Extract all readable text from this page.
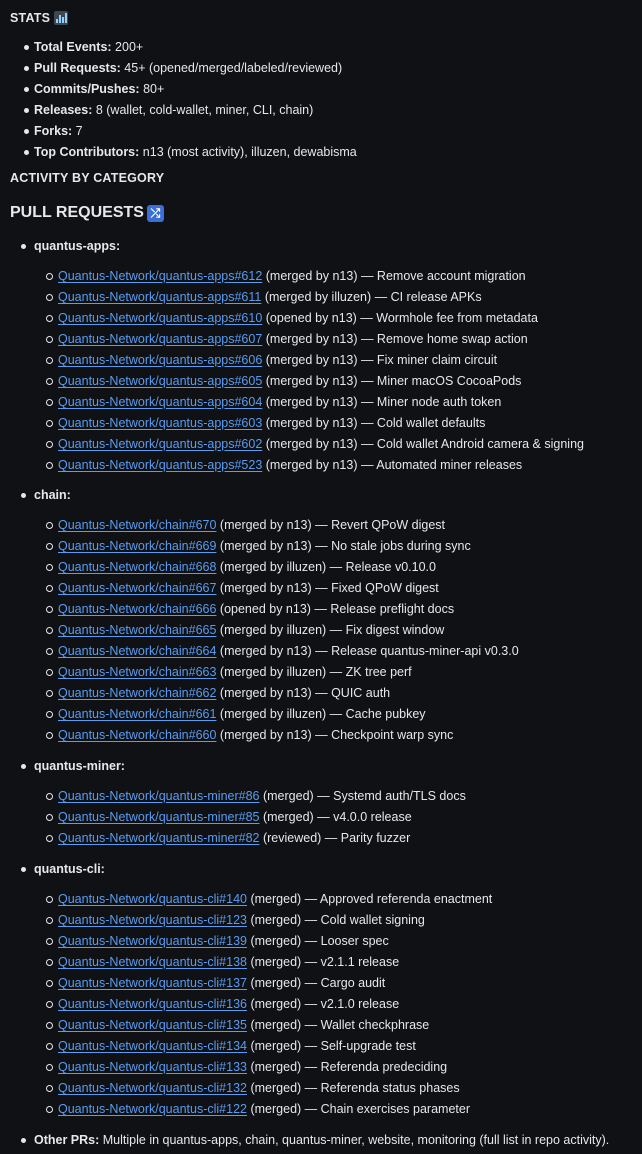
STATS
Total Events: 200+
Pull Requests: 45+ (opened/merged/labeled/reviewed)
Commits/Pushes: 80+
Releases: 8 (wallet, cold-wallet, miner, CLI, chain)
Forks: 7
Top Contributors: n13 (most activity), illuzen, dewabisma
ACTIVITY BY CATEGORY
PULL REQUESTS ⤮
quantus-apps:
Quantus-Network/quantus-apps#612 (merged by n13) — Remove account migration
Quantus-Network/quantus-apps#611 (merged by illuzen) — CI release APKs
Quantus-Network/quantus-apps#610 (opened by n13) — Wormhole fee from metadata
Quantus-Network/quantus-apps#607 (merged by n13) — Remove home swap action
Quantus-Network/quantus-apps#606 (merged by n13) — Fix miner claim circuit
Quantus-Network/quantus-apps#605 (merged by n13) — Miner macOS CocoaPods
Quantus-Network/quantus-apps#604 (merged by n13) — Miner node auth token
Quantus-Network/quantus-apps#603 (merged by n13) — Cold wallet defaults
Quantus-Network/quantus-apps#602 (merged by n13) — Cold wallet Android camera & signing
Quantus-Network/quantus-apps#523 (merged by n13) — Automated miner releases
chain:
Quantus-Network/chain#670 (merged by n13) — Revert QPoW digest
Quantus-Network/chain#669 (merged by n13) — No stale jobs during sync
Quantus-Network/chain#668 (merged by illuzen) — Release v0.10.0
Quantus-Network/chain#667 (merged by n13) — Fixed QPoW digest
Quantus-Network/chain#666 (opened by n13) — Release preflight docs
Quantus-Network/chain#665 (merged by illuzen) — Fix digest window
Quantus-Network/chain#664 (merged by n13) — Release quantus-miner-api v0.3.0
Quantus-Network/chain#663 (merged by illuzen) — ZK tree perf
Quantus-Network/chain#662 (merged by n13) — QUIC auth
Quantus-Network/chain#661 (merged by illuzen) — Cache pubkey
Quantus-Network/chain#660 (merged by n13) — Checkpoint warp sync
quantus-miner:
Quantus-Network/quantus-miner#86 (merged) — Systemd auth/TLS docs
Quantus-Network/quantus-miner#85 (merged) — v4.0.0 release
Quantus-Network/quantus-miner#82 (reviewed) — Parity fuzzer
quantus-cli:
Quantus-Network/quantus-cli#140 (merged) — Approved referenda enactment
Quantus-Network/quantus-cli#123 (merged) — Cold wallet signing
Quantus-Network/quantus-cli#139 (merged) — Looser spec
Quantus-Network/quantus-cli#138 (merged) — v2.1.1 release
Quantus-Network/quantus-cli#137 (merged) — Cargo audit
Quantus-Network/quantus-cli#136 (merged) — v2.1.0 release
Quantus-Network/quantus-cli#135 (merged) — Wallet checkphrase
Quantus-Network/quantus-cli#134 (merged) — Self-upgrade test
Quantus-Network/quantus-cli#133 (merged) — Referenda predeciding
Quantus-Network/quantus-cli#132 (merged) — Referenda status phases
Quantus-Network/quantus-cli#122 (merged) — Chain exercises parameter
Other PRs: Multiple in quantus-apps, chain, quantus-miner, website, monitoring (full list in repo activity).
